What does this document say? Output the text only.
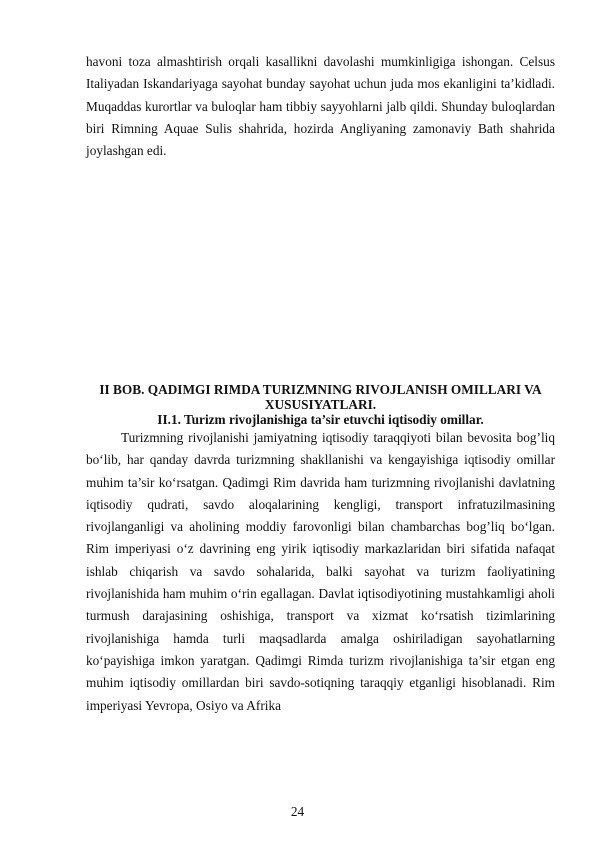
havoni toza almashtirish orqali kasallikni davolashi mumkinligiga ishongan. Celsus Italiyadan Iskandariyaga sayohat bunday sayohat uchun juda mos ekanligini ta’kidladi. Muqaddas kurortlar va buloqlar ham tibbiy sayyohlarni jalb qildi. Shunday buloqlardan biri Rimning Aquae Sulis shahrida, hozirda Angliyaning zamonaviy Bath shahrida joylashgan edi.

II BOB. QADIMGI RIMDA TURIZMNING RIVOJLANISH OMILLARI VA XUSUSIYATLARI.
II.1. Turizm rivojlanishiga ta’sir etuvchi iqtisodiy omillar.

Turizmning rivojlanishi jamiyatning iqtisodiy taraqqiyoti bilan bevosita bog’liq bo‘lib, har qanday davrda turizmning shakllanishi va kengayishiga iqtisodiy omillar muhim ta’sir ko‘rsatgan. Qadimgi Rim davrida ham turizmning rivojlanishi davlatning iqtisodiy qudrati, savdo aloqalarining kengligi, transport infratuzilmasining rivojlanganligi va aholining moddiy farovonligi bilan chambarchas bog’liq bo‘lgan. Rim imperiyasi o‘z davrining eng yirik iqtisodiy markazlaridan biri sifatida nafaqat ishlab chiqarish va savdo sohalarida, balki sayohat va turizm faoliyatining rivojlanishida ham muhim o‘rin egallagan. Davlat iqtisodiyotining mustahkamligi aholi turmush darajasining oshishiga, transport va xizmat ko‘rsatish tizimlarining rivojlanishiga hamda turli maqsadlarda amalga oshiriladigan sayohatlarning ko‘payishiga imkon yaratgan. Qadimgi Rimda turizm rivojlanishiga ta’sir etgan eng muhim iqtisodiy omillardan biri savdo-sotiqning taraqqiy etganligi hisoblanadi. Rim imperiyasi Yevropa, Osiyo va Afrika

24
